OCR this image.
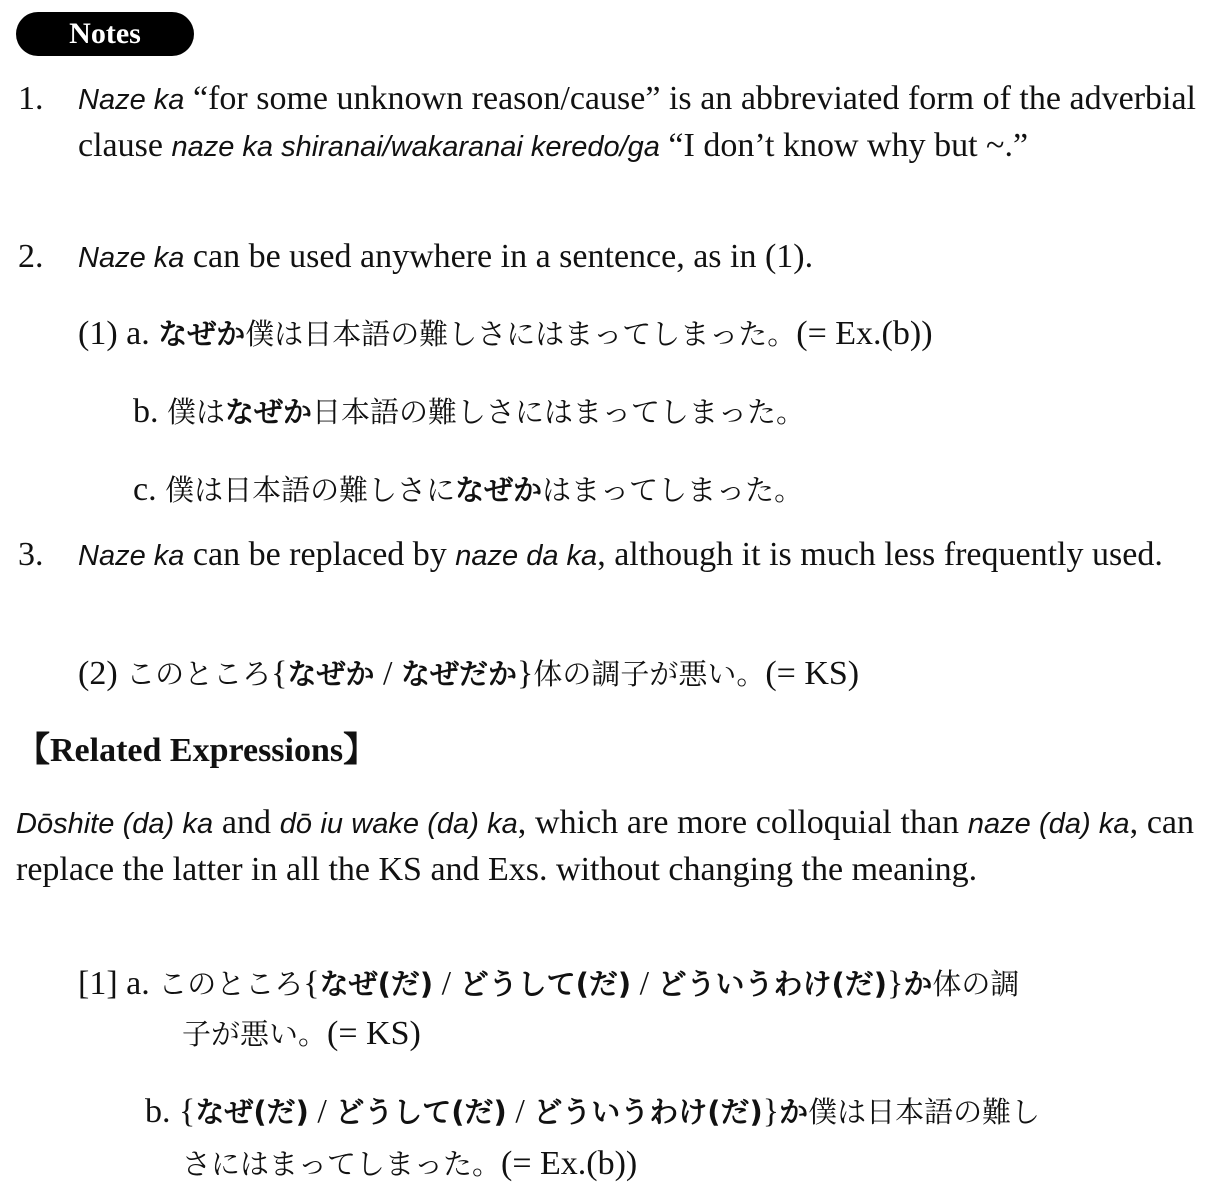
Notes
1. Naze ka “for some unknown reason/cause” is an abbreviated form of the adverbial clause naze ka shiranai/wakaranai keredo/ga “I don’t know why but ~.”
2. Naze ka can be used anywhere in a sentence, as in (1).
(1) a. なぜか僕は日本語の難しさにはまってしまった。(= Ex.(b))
b. 僕はなぜか日本語の難しさにはまってしまった。
c. 僕は日本語の難しさになぜかはまってしまった。
3. Naze ka can be replaced by naze da ka, although it is much less frequently used.
(2) このところ{なぜか / なぜだか}体の調子が悪い。(= KS)
【Related Expressions】
Dōshite (da) ka and dō iu wake (da) ka, which are more colloquial than naze (da) ka, can replace the latter in all the KS and Exs. without changing the meaning.
[1] a. このところ{なぜ(だ) / どうして(だ) / どういうわけ(だ)}か体の調
子が悪い。(= KS)
b. {なぜ(だ) / どうして(だ) / どういうわけ(だ)}か僕は日本語の難し
さにはまってしまった。(= Ex.(b))
